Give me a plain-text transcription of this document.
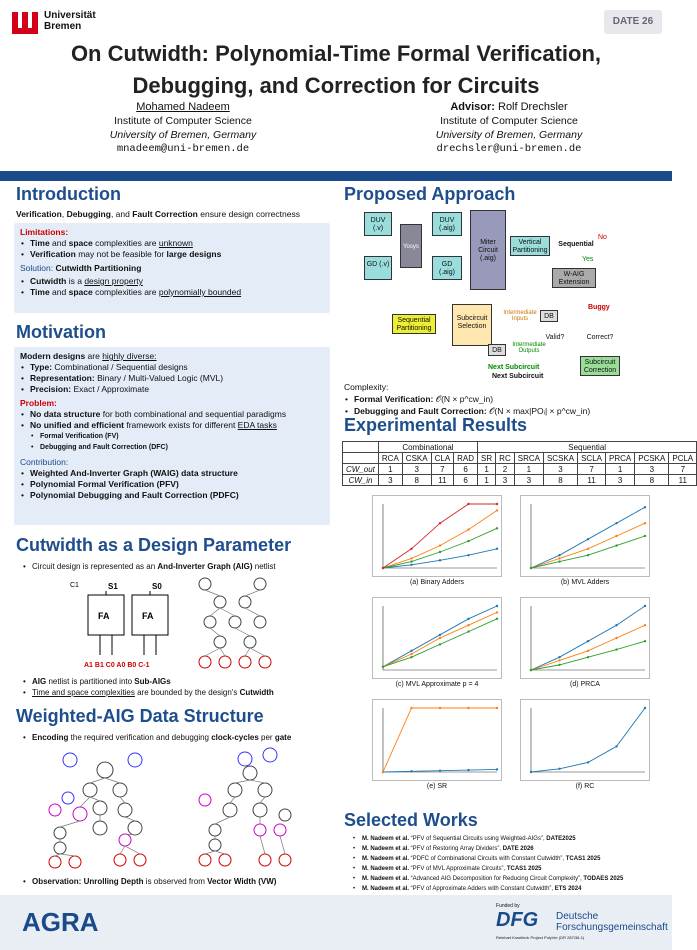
Universität
Bremen	DATE 26
On Cutwidth: Polynomial-Time Formal Verification,
Debugging, and Correction for Circuits
Mohamed Nadeem
Institute of Computer Science
University of Bremen, Germany
mnadeem@uni-bremen.de
Advisor: Rolf Drechsler
Institute of Computer Science
University of Bremen, Germany
drechsler@uni-bremen.de
Introduction
Verification, Debugging, and Fault Correction ensure design correctness
Limitations:
• Time and space complexities are unknown
• Verification may not be feasible for large designs
Solution: Cutwidth Partitioning
• Cutwidth is a design property
• Time and space complexities are polynomially bounded
Motivation
Modern designs are highly diverse:
• Type: Combinational / Sequential designs
• Representation: Binary / Multi-Valued Logic (MVL)
• Precision: Exact / Approximate
Problem:
• No data structure for both combinational and sequential paradigms
• No unified and efficient framework exists for different EDA tasks
• Formal Verification (FV)
• Debugging and Fault Correction (DFC)
Contribution:
• Weighted And-Inverter Graph (WAIG) data structure
• Polynomial Formal Verification (PFV)
• Polynomial Debugging and Fault Correction (PDFC)
Cutwidth as a Design Parameter
• Circuit design is represented as an And-Inverter Graph (AIG) netlist
FA	FA
S1	S0
C1
A1 B1 C0 A0 B0 C-1
• AIG netlist is partitioned into Sub-AIGs
• Time and space complexities are bounded by the design's Cutwidth
Weighted-AIG Data Structure
• Encoding the required verification and debugging clock-cycles per gate
• Observation: Unrolling Depth is observed from Vector Width (VW)
Proposed Approach
DUV (.v)
DUV (.aig)
GD (.v)	GD (.aig)
Yosys
Miter Circuit (.aig)
Vertical Partitioning
Sequential
No
Yes
W-AIG Extension
Sequential Partitioning
Subcircuit Selection
DB
Intermediate Inputs
DB
Intermediate Outputs
Valid?	Correct?
Buggy
Subcircuit Correction
Next Subcircuit
Next Subcircuit
Complexity:
• Formal Verification: 𝒪(N × p^cw_in)
• Debugging and Fault Correction: 𝒪(N × max|POᵢ| × p^cw_in)
Experimental Results
	Combinational				Sequential							
	RCA	CSKA	CLA	RAD	SR	RC	SRCA	SCSKA	SCLA	PRCA	PCSKA	PCLA
CW_out	1	3	7	6	1	2	1	3	7	1	3	7
CW_in	3	8	11	6	1	3	3	8	11	3	8	11
(a) Binary Adders	(b) MVL Adders
(c) MVL Approximate p = 4	(d) PRCA
(e) SR	(f) RC
Selected Works
• M. Nadeem et al. “PFV of Sequential Circuits using Weighted-AIGs”, DATE2025
• M. Nadeem et al. “PFV of Restoring Array Dividers”, DATE 2026
• M. Nadeem et al. “PDFC of Combinational Circuits with Constant Cutwidth”, TCAS1 2025
• M. Nadeem et al. “PFV of MVL Approximate Circuits”, TCAS1 2025
• M. Nadeem et al. “Advanced AIG Decomposition for Reducing Circuit Complexity”, TODAES 2025
• M. Nadeem et al. “PFV of Approximate Adders with Constant Cutwidth”, ETS 2024
AGRA
Funded by
DFG Deutsche
Forschungsgemeinschaft
Reinhart Koselleck Project PolyVer (DR 287/36-1)
